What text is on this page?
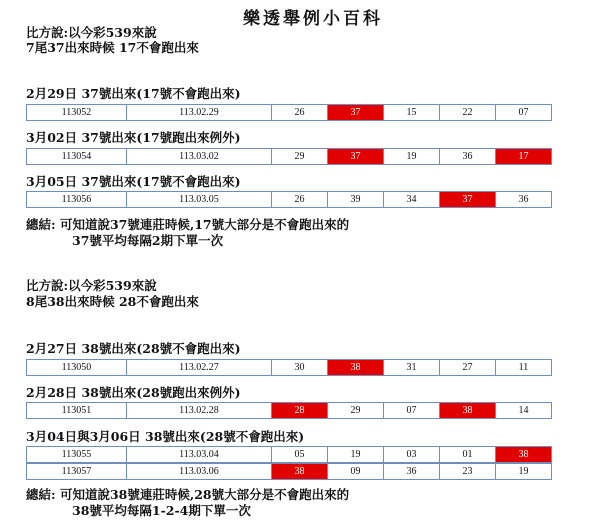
樂透舉例小百科
比方說:以今彩539來說
7尾37出來時候 17不會跑出來
2月29日 37號出來(17號不會跑出來)
113052	113.02.29	26	37	15	22	07
3月02日 37號出來(17號跑出來例外)
113054	113.03.02	29	37	19	36	17
3月05日 37號出來(17號不會跑出來)
113056	113.03.05	26	39	34	37	36
總結: 可知道說37號連莊時候,17號大部分是不會跑出來的
37號平均每隔2期下單一次
比方說:以今彩539來說
8尾38出來時候 28不會跑出來
2月27日 38號出來(28號不會跑出來)
113050	113.02.27	30	38	31	27	11
2月28日 38號出來(28號跑出來例外)
113051	113.02.28	28	29	07	38	14
3月04日與3月06日 38號出來(28號不會跑出來)
113055	113.03.04	05	19	03	01	38
113057	113.03.06	38	09	36	23	19
總結: 可知道說38號連莊時候,28號大部分是不會跑出來的
38號平均每隔1-2-4期下單一次
